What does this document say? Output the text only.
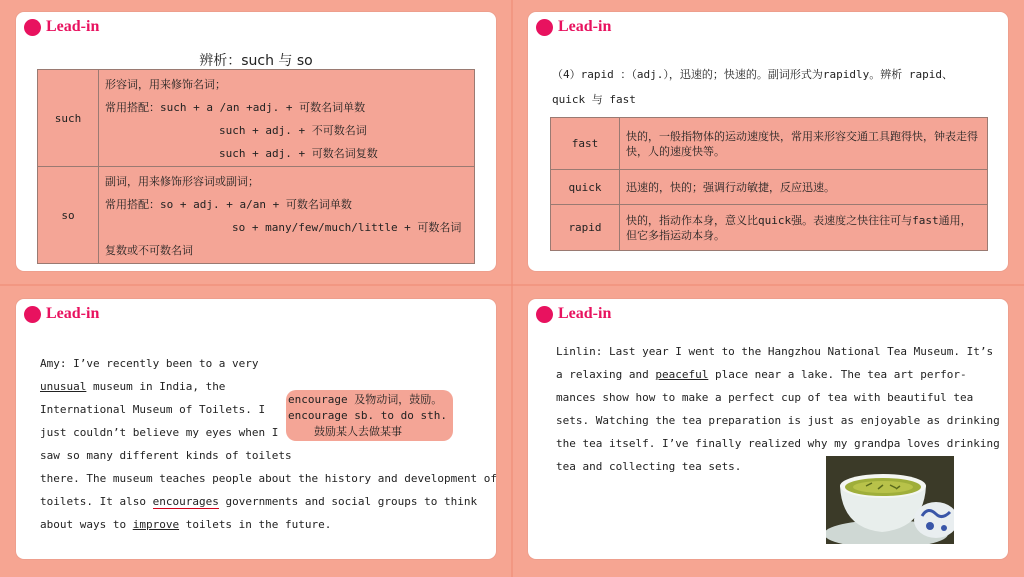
Lead-in
辨析：such 与 so
such	形容词，用来修饰名词；
常用搭配：such + a /an +adj. + 可数名词单数
such + adj. + 不可数名词
such + adj. + 可数名词复数

so	副词，用来修饰形容词或副词；
常用搭配：so + adj. + a/an + 可数名词单数
so + many/few/much/little + 可数名词
复数或不可数名词
Lead-in
（4）rapid ：（adj.），迅速的；快速的。副词形式为rapidly。辨析 rapid、
quick 与 fast
fast	快的，一般指物体的运动速度快，常用来形容交通工具跑得快，钟表走得快，人的速度快等。
quick	迅速的，快的；强调行动敏捷，反应迅速。
rapid	快的，指动作本身，意义比quick强。表速度之快往往可与fast通用，但它多指运动本身。
Lead-in
Amy: I’ve recently been to a very
unusual museum in India, the
International Museum of Toilets. I
just couldn’t believe my eyes when I
saw so many different kinds of toilets
there. The museum teaches people about the history and development of
toilets. It also encourages governments and social groups to think
about ways to improve toilets in the future.
encourage 及物动词，鼓励。
encourage sb. to do sth.
鼓励某人去做某事
Lead-in
Linlin: Last year I went to the Hangzhou National Tea Museum. It’s
a relaxing and peaceful place near a lake. The tea art perfor-
mances show how to make a perfect cup of tea with beautiful tea
sets. Watching the tea preparation is just as enjoyable as drinking
the tea itself. I’ve finally realized why my grandpa loves drinking
tea and collecting tea sets.
